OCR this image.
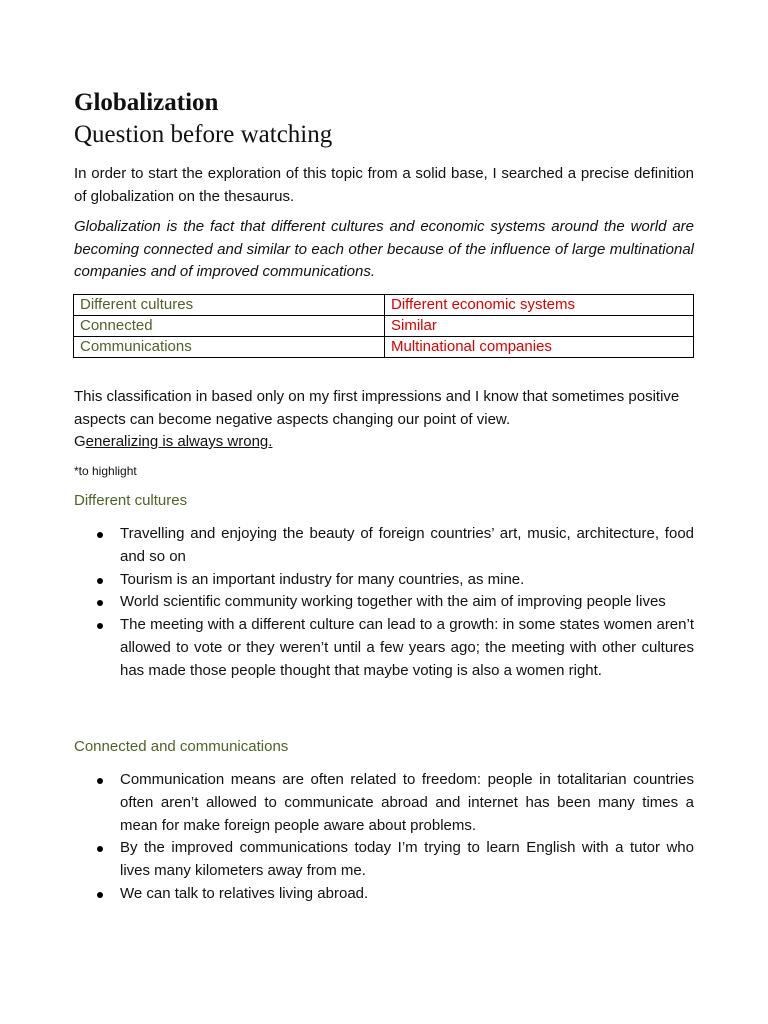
Globalization
Question before watching

In order to start the exploration of this topic from a solid base, I searched a precise definition of globalization on the thesaurus.

Globalization is the fact that different cultures and economic systems around the world are becoming connected and similar to each other because of the influence of large multinational companies and of improved communications.

Different cultures	Different economic systems
Connected	Similar
Communications	Multinational companies

This classification in based only on my first impressions and I know that sometimes positive aspects can become negative aspects changing our point of view.
Generalizing is always wrong.

*to highlight

Different cultures
Travelling and enjoying the beauty of foreign countries’ art, music, architecture, food and so on
Tourism is an important industry for many countries, as mine.
World scientific community working together with the aim of improving people lives
The meeting with a different culture can lead to a growth: in some states women aren’t allowed to vote or they weren’t until a few years ago; the meeting with other cultures has made those people thought that maybe voting is also a women right.
Connected and communications
Communication means are often related to freedom: people in totalitarian countries often aren’t allowed to communicate abroad and internet has been many times a mean for make foreign people aware about problems.
By the improved communications today I’m trying to learn English with a tutor who lives many kilometers away from me.
We can talk to relatives living abroad.
